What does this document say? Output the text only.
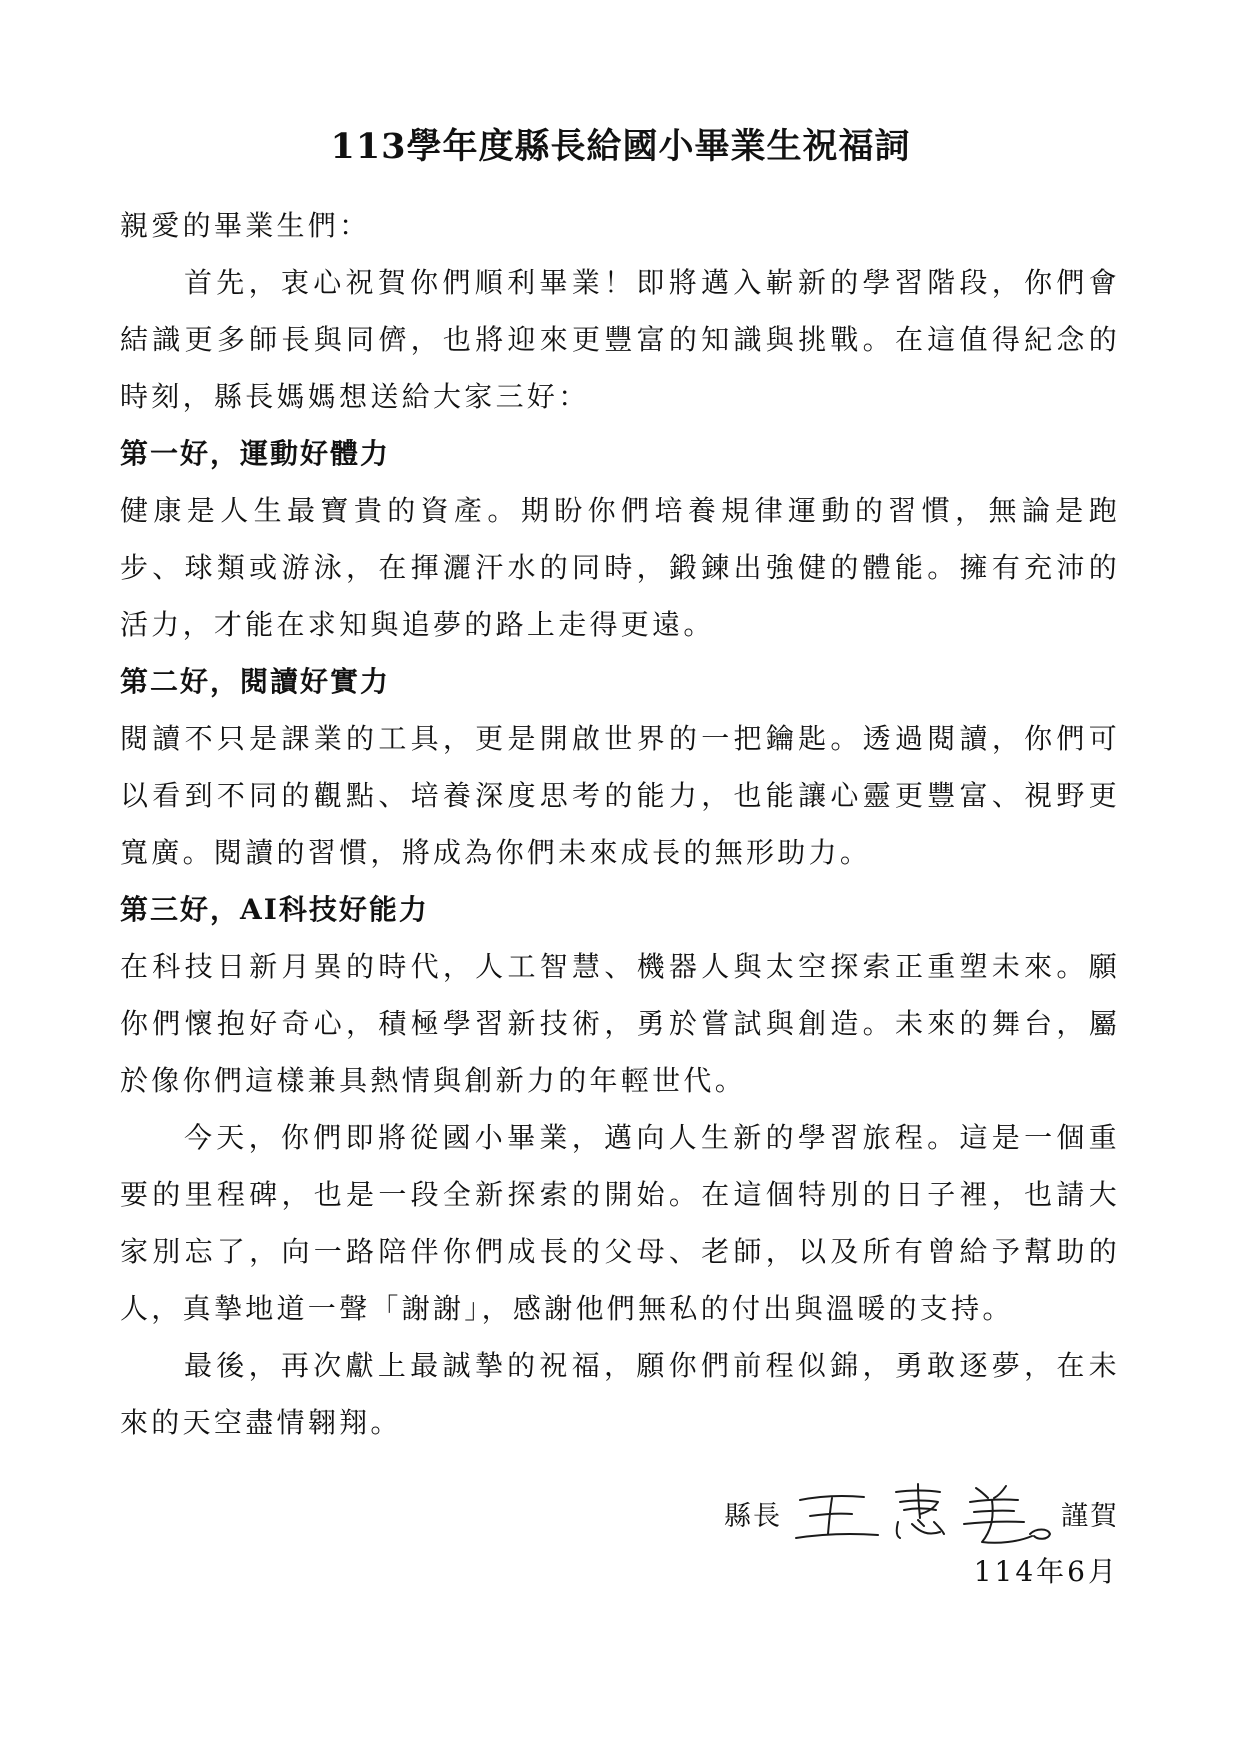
113學年度縣長給國小畢業生祝福詞

親愛的畢業生們：

首先，衷心祝賀你們順利畢業！即將邁入嶄新的學習階段，你們會結識更多師長與同儕，也將迎來更豐富的知識與挑戰。在這值得紀念的時刻，縣長媽媽想送給大家三好：

第一好，運動好體力

健康是人生最寶貴的資產。期盼你們培養規律運動的習慣，無論是跑步、球類或游泳，在揮灑汗水的同時，鍛鍊出強健的體能。擁有充沛的活力，才能在求知與追夢的路上走得更遠。

第二好，閱讀好實力

閱讀不只是課業的工具，更是開啟世界的一把鑰匙。透過閱讀，你們可以看到不同的觀點、培養深度思考的能力，也能讓心靈更豐富、視野更寬廣。閱讀的習慣，將成為你們未來成長的無形助力。

第三好，AI科技好能力

在科技日新月異的時代，人工智慧、機器人與太空探索正重塑未來。願你們懷抱好奇心，積極學習新技術，勇於嘗試與創造。未來的舞台，屬於像你們這樣兼具熱情與創新力的年輕世代。

今天，你們即將從國小畢業，邁向人生新的學習旅程。這是一個重要的里程碑，也是一段全新探索的開始。在這個特別的日子裡，也請大家別忘了，向一路陪伴你們成長的父母、老師，以及所有曾給予幫助的人，真摯地道一聲「謝謝」，感謝他們無私的付出與溫暖的支持。

最後，再次獻上最誠摯的祝福，願你們前程似錦，勇敢逐夢，在未來的天空盡情翱翔。

縣長	謹賀
114年6月
